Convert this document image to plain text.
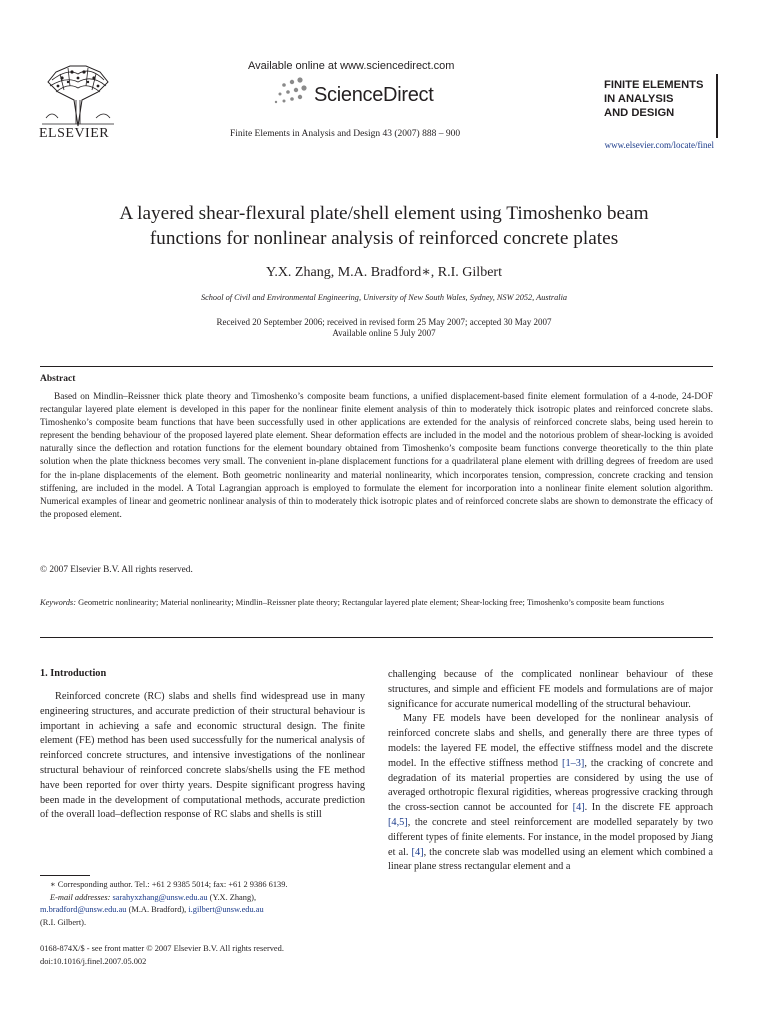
ELSEVIER
Available online at www.sciencedirect.com
ScienceDirect
Finite Elements in Analysis and Design 43 (2007) 888 – 900
FINITE ELEMENTS
IN ANALYSIS
AND DESIGN
www.elsevier.com/locate/finel
A layered shear-flexural plate/shell element using Timoshenko beam
functions for nonlinear analysis of reinforced concrete plates
Y.X. Zhang, M.A. Bradford∗, R.I. Gilbert
School of Civil and Environmental Engineering, University of New South Wales, Sydney, NSW 2052, Australia
Received 20 September 2006; received in revised form 25 May 2007; accepted 30 May 2007
Available online 5 July 2007
Abstract
Based on Mindlin–Reissner thick plate theory and Timoshenko’s composite beam functions, a unified displacement-based finite element formulation of a 4-node, 24-DOF rectangular layered plate element is developed in this paper for the nonlinear finite element analysis of thin to moderately thick isotropic plates and reinforced concrete slabs. Timoshenko’s composite beam functions that have been successfully used in other applications are extended for the analysis of reinforced concrete slabs, being used herein to represent the bending behaviour of the proposed layered plate element. Shear deformation effects are included in the model and the notorious problem of shear-locking is avoided naturally since the deflection and rotation functions for the element boundary obtained from Timoshenko’s composite beam functions converge theoretically to the thin plate solution when the plate thickness becomes very small. The convenient in-plane displacement functions for a quadrilateral plane element with drilling degrees of freedom are used for the in-plane displacements of the element. Both geometric nonlinearity and material nonlinearity, which incorporates tension, compression, concrete cracking and tension stiffening, are included in the model. A Total Lagrangian approach is employed to formulate the element for incorporation into a nonlinear finite element solution algorithm. Numerical examples of linear and geometric nonlinear analysis of thin to moderately thick isotropic plates and of reinforced concrete slabs are shown to demonstrate the efficacy of the proposed element.
© 2007 Elsevier B.V. All rights reserved.
Keywords: Geometric nonlinearity; Material nonlinearity; Mindlin–Reissner plate theory; Rectangular layered plate element; Shear-locking free; Timoshenko’s composite beam functions
1. Introduction

Reinforced concrete (RC) slabs and shells find widespread use in many engineering structures, and accurate prediction of their structural behaviour is important in achieving a safe and economic structural design. The finite element (FE) method has been used successfully for the numerical analysis of reinforced concrete structures, and intensive investigations of the nonlinear structural behaviour of reinforced concrete slabs/shells using the FE method have been reported for over thirty years. Despite significant progress having been made in the development of computational methods, accurate prediction of the overall load–deflection response of RC slabs and shells is still

challenging because of the complicated nonlinear behaviour of these structures, and simple and efficient FE models and formulations are of major significance for accurate numerical modelling of the structural behaviour.

Many FE models have been developed for the nonlinear analysis of reinforced concrete slabs and shells, and generally there are three types of models: the layered FE model, the effective stiffness model and the discrete model. In the effective stiffness method [1–3], the cracking of concrete and degradation of its material properties are considered by using the use of averaged orthotropic flexural rigidities, whereas progressive cracking through the cross-section cannot be accounted for [4]. In the discrete FE approach [4,5], the concrete and steel reinforcement are modelled separately by two different types of finite elements. For instance, in the model proposed by Jiang et al. [4], the concrete slab was modelled using an element which combined a linear plane stress rectangular element and a

∗ Corresponding author. Tel.: +61 2 9385 5014; fax: +61 2 9386 6139.
E-mail addresses: sarahyxzhang@unsw.edu.au (Y.X. Zhang),
m.bradford@unsw.edu.au (M.A. Bradford), i.gilbert@unsw.edu.au
(R.I. Gilbert).
0168-874X/$ - see front matter © 2007 Elsevier B.V. All rights reserved.
doi:10.1016/j.finel.2007.05.002
